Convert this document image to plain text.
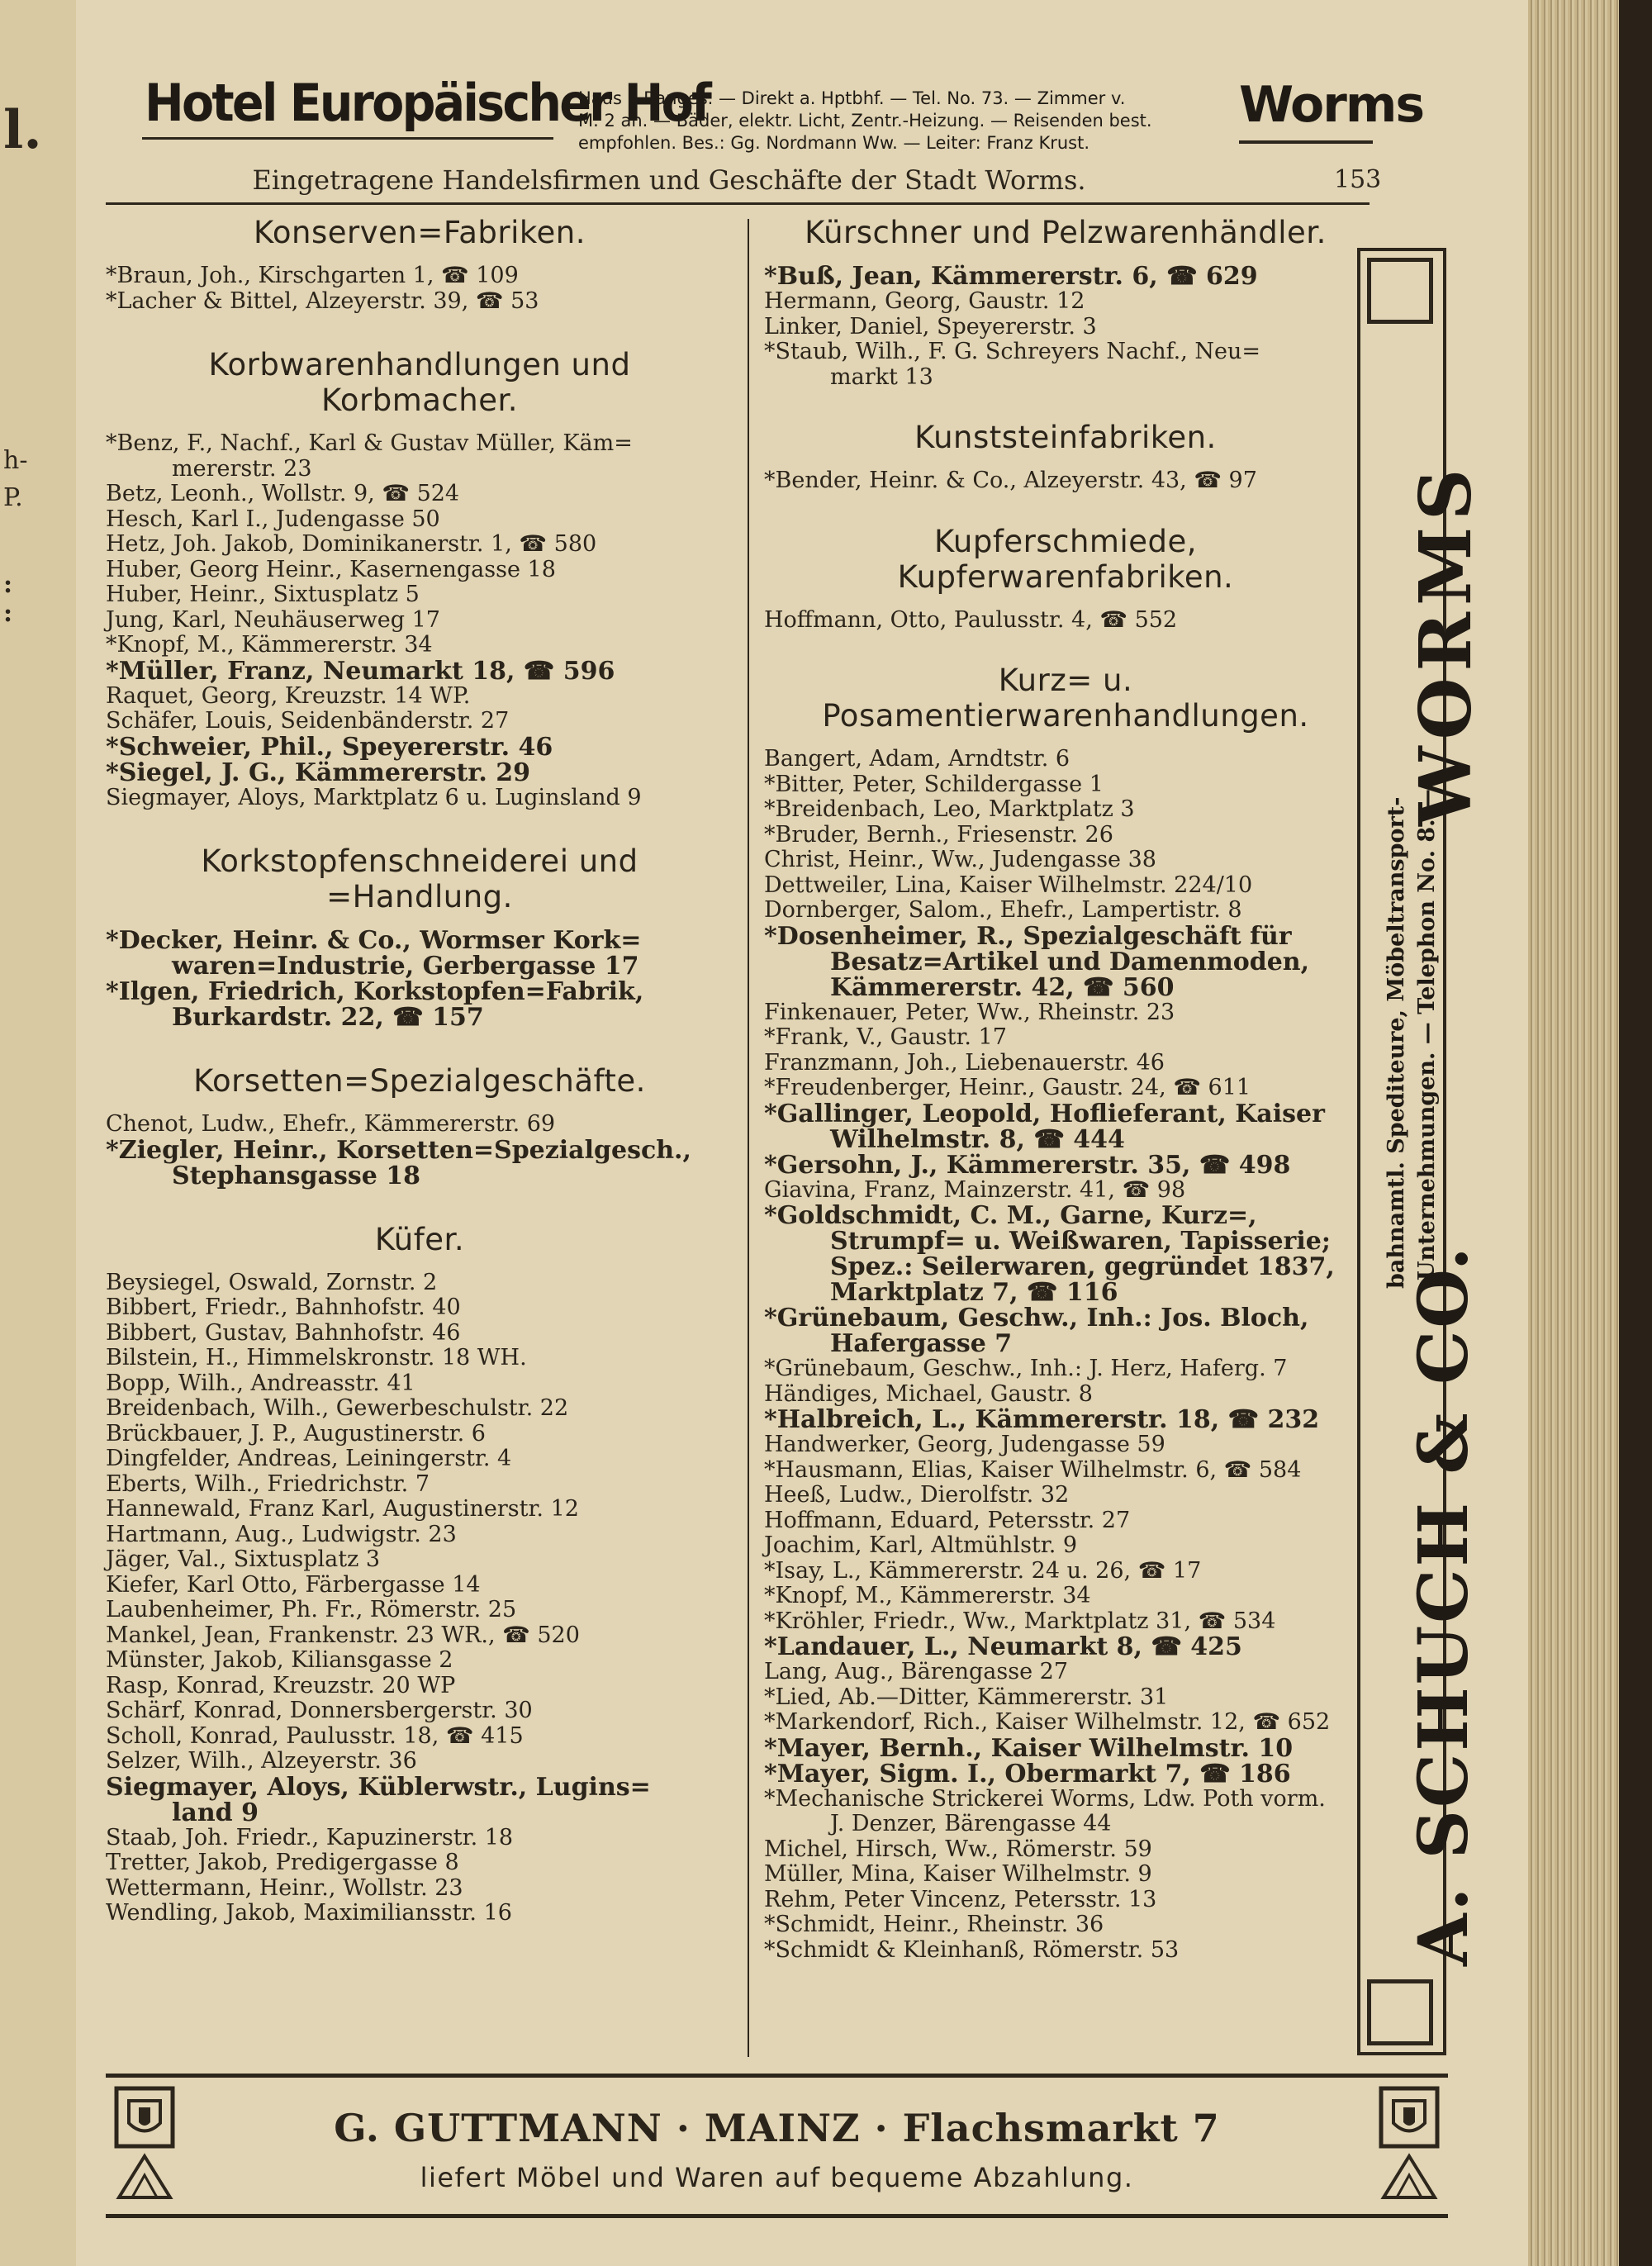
l.
h-
P.
:
:
Hotel Europäischer Hof
Haus I. Ranges. — Direkt a. Hptbhf. — Tel. No. 73. — Zimmer v.
M. 2 an. — Bäder, elektr. Licht, Zentr.-Heizung. — Reisenden best.
empfohlen. Bes.: Gg. Nordmann Ww. — Leiter: Franz Krust.
Worms
Eingetragene Handelsfirmen und Geschäfte der Stadt Worms.	153
Konserven=Fabriken.
*Braun, Joh., Kirschgarten 1, ☎ 109
*Lacher & Bittel, Alzeyerstr. 39, ☎ 53
Korbwarenhandlungen und Korbmacher.
*Benz, F., Nachf., Karl & Gustav Müller, Käm=
mererstr. 23
Betz, Leonh., Wollstr. 9, ☎ 524
Hesch, Karl I., Judengasse 50
Hetz, Joh. Jakob, Dominikanerstr. 1, ☎ 580
Huber, Georg Heinr., Kasernengasse 18
Huber, Heinr., Sixtusplatz 5
Jung, Karl, Neuhäuserweg 17
*Knopf, M., Kämmererstr. 34
*Müller, Franz, Neumarkt 18, ☎ 596
Raquet, Georg, Kreuzstr. 14 WP.
Schäfer, Louis, Seidenbänderstr. 27
*Schweier, Phil., Speyererstr. 46
*Siegel, J. G., Kämmererstr. 29
Siegmayer, Aloys, Marktplatz 6 u. Luginsland 9
Korkstopfenschneiderei und =Handlung.
*Decker, Heinr. & Co., Wormser Kork=
waren=Industrie, Gerbergasse 17
*Ilgen, Friedrich, Korkstopfen=Fabrik,
Burkardstr. 22, ☎ 157
Korsetten=Spezialgeschäfte.
Chenot, Ludw., Ehefr., Kämmererstr. 69
*Ziegler, Heinr., Korsetten=Spezialgesch.,
Stephansgasse 18
Küfer.
Beysiegel, Oswald, Zornstr. 2
Bibbert, Friedr., Bahnhofstr. 40
Bibbert, Gustav, Bahnhofstr. 46
Bilstein, H., Himmelskronstr. 18 WH.
Bopp, Wilh., Andreasstr. 41
Breidenbach, Wilh., Gewerbeschulstr. 22
Brückbauer, J. P., Augustinerstr. 6
Dingfelder, Andreas, Leiningerstr. 4
Eberts, Wilh., Friedrichstr. 7
Hannewald, Franz Karl, Augustinerstr. 12
Hartmann, Aug., Ludwigstr. 23
Jäger, Val., Sixtusplatz 3
Kiefer, Karl Otto, Färbergasse 14
Laubenheimer, Ph. Fr., Römerstr. 25
Mankel, Jean, Frankenstr. 23 WR., ☎ 520
Münster, Jakob, Kiliansgasse 2
Rasp, Konrad, Kreuzstr. 20 WP
Schärf, Konrad, Donnersbergerstr. 30
Scholl, Konrad, Paulusstr. 18, ☎ 415
Selzer, Wilh., Alzeyerstr. 36
Siegmayer, Aloys, Küblerwstr., Lugins=
land 9
Staab, Joh. Friedr., Kapuzinerstr. 18
Tretter, Jakob, Predigergasse 8
Wettermann, Heinr., Wollstr. 23
Wendling, Jakob, Maximiliansstr. 16
Kürschner und Pelzwarenhändler.
*Buß, Jean, Kämmererstr. 6, ☎ 629
Hermann, Georg, Gaustr. 12
Linker, Daniel, Speyererstr. 3
*Staub, Wilh., F. G. Schreyers Nachf., Neu=
markt 13
Kunststeinfabriken.
*Bender, Heinr. & Co., Alzeyerstr. 43, ☎ 97
Kupferschmiede, Kupferwarenfabriken.
Hoffmann, Otto, Paulusstr. 4, ☎ 552
Kurz= u. Posamentierwarenhandlungen.
Bangert, Adam, Arndtstr. 6
*Bitter, Peter, Schildergasse 1
*Breidenbach, Leo, Marktplatz 3
*Bruder, Bernh., Friesenstr. 26
Christ, Heinr., Ww., Judengasse 38
Dettweiler, Lina, Kaiser Wilhelmstr. 224/10
Dornberger, Salom., Ehefr., Lampertistr. 8
*Dosenheimer, R., Spezialgeschäft für
Besatz=Artikel und Damenmoden,
Kämmererstr. 42, ☎ 560
Finkenauer, Peter, Ww., Rheinstr. 23
*Frank, V., Gaustr. 17
Franzmann, Joh., Liebenauerstr. 46
*Freudenberger, Heinr., Gaustr. 24, ☎ 611
*Gallinger, Leopold, Hoflieferant, Kaiser
Wilhelmstr. 8, ☎ 444
*Gersohn, J., Kämmererstr. 35, ☎ 498
Giavina, Franz, Mainzerstr. 41, ☎ 98
*Goldschmidt, C. M., Garne, Kurz=,
Strumpf= u. Weißwaren, Tapisserie;
Spez.: Seilerwaren, gegründet 1837,
Marktplatz 7, ☎ 116
*Grünebaum, Geschw., Inh.: Jos. Bloch,
Hafergasse 7
*Grünebaum, Geschw., Inh.: J. Herz, Haferg. 7
Händiges, Michael, Gaustr. 8
*Halbreich, L., Kämmererstr. 18, ☎ 232
Handwerker, Georg, Judengasse 59
*Hausmann, Elias, Kaiser Wilhelmstr. 6, ☎ 584
Heeß, Ludw., Dierolfstr. 32
Hoffmann, Eduard, Petersstr. 27
Joachim, Karl, Altmühlstr. 9
*Isay, L., Kämmererstr. 24 u. 26, ☎ 17
*Knopf, M., Kämmererstr. 34
*Kröhler, Friedr., Ww., Marktplatz 31, ☎ 534
*Landauer, L., Neumarkt 8, ☎ 425
Lang, Aug., Bärengasse 27
*Lied, Ab.—Ditter, Kämmererstr. 31
*Markendorf, Rich., Kaiser Wilhelmstr. 12, ☎ 652
*Mayer, Bernh., Kaiser Wilhelmstr. 10
*Mayer, Sigm. I., Obermarkt 7, ☎ 186
*Mechanische Strickerei Worms, Ldw. Poth vorm.
J. Denzer, Bärengasse 44
Michel, Hirsch, Ww., Römerstr. 59
Müller, Mina, Kaiser Wilhelmstr. 9
Rehm, Peter Vincenz, Petersstr. 13
*Schmidt, Heinr., Rheinstr. 36
*Schmidt & Kleinhanß, Römerstr. 53	A. SCHUCH & CO.
WORMS
bahnamtl. Spediteure, Möbeltransport- Unternehmungen. — Telephon No. 8. —
G. GUTTMANN · MAINZ · Flachsmarkt 7
liefert Möbel und Waren auf bequeme Abzahlung.
